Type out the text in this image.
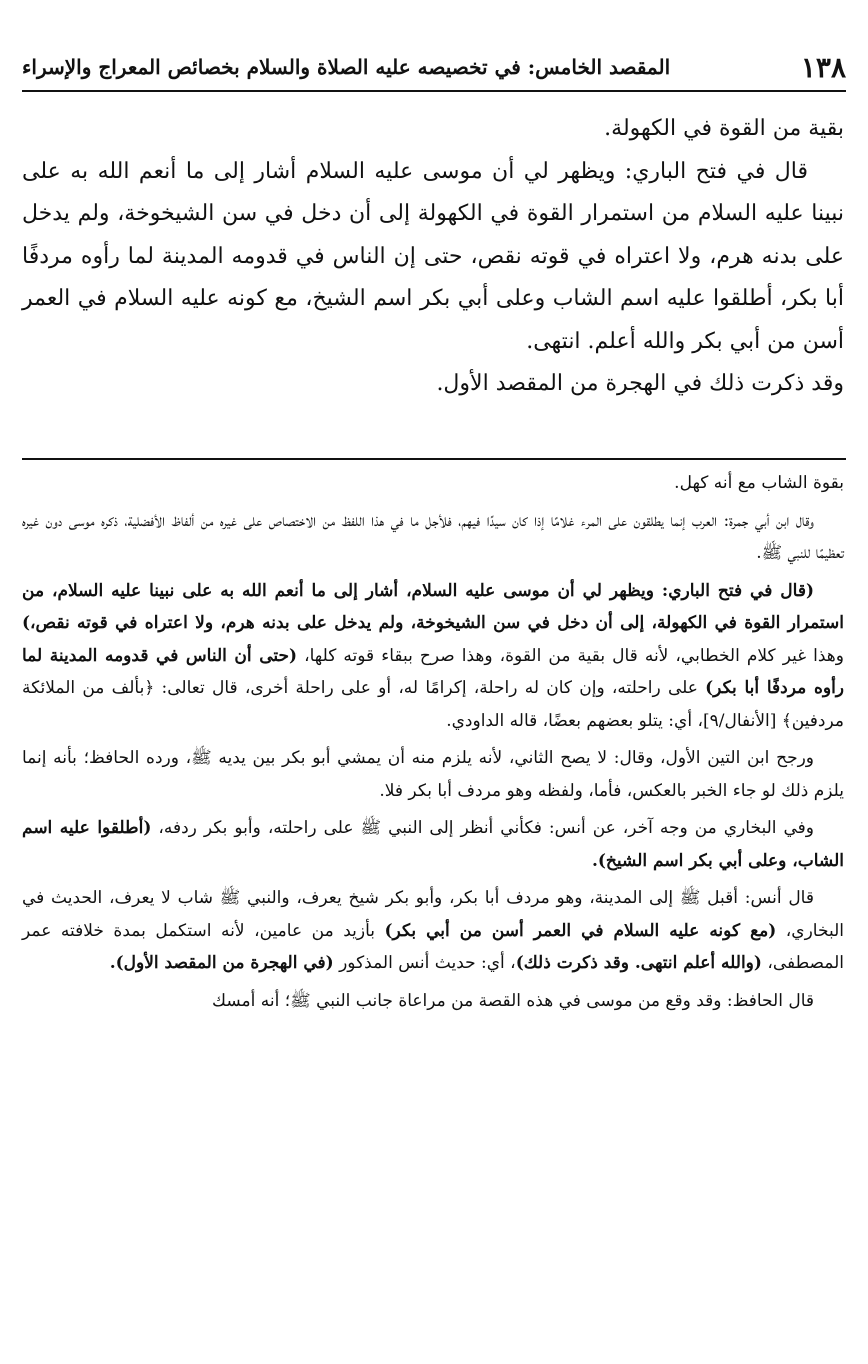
١٣٨
المقصد الخامس: في تخصيصه عليه الصلاة والسلام بخصائص المعراج والإسراء

بقية من القوة في الكهولة.

قال في فتح الباري: ويظهر لي أن موسى عليه السلام أشار إلى ما أنعم الله به على نبينا عليه السلام من استمرار القوة في الكهولة إلى أن دخل في سن الشيخوخة، ولم يدخل على بدنه هرم، ولا اعتراه في قوته نقص، حتى إن الناس في قدومه المدينة لما رأوه مردفًا أبا بكر، أطلقوا عليه اسم الشاب وعلى أبي بكر اسم الشيخ، مع كونه عليه السلام في العمر أسن من أبي بكر والله أعلم. انتهى.

وقد ذكرت ذلك في الهجرة من المقصد الأول.

بقوة الشاب مع أنه كهل.

وقال ابن أبي جمرة: العرب إنما يطلقون على المرء غلامًا إذا كان سيدًا فيهم، فلأجل ما في هذا اللفظ من الاختصاص على غيره من ألفاظ الأفضلية، ذكره موسى دون غيره تعظيمًا للنبي ﷺ.

(قال في فتح الباري: ويظهر لي أن موسى عليه السلام، أشار إلى ما أنعم الله به على نبينا عليه السلام، من استمرار القوة في الكهولة، إلى أن دخل في سن الشيخوخة، ولم يدخل على بدنه هرم، ولا اعتراه في قوته نقص،) وهذا غير كلام الخطابي، لأنه قال بقية من القوة، وهذا صرح ببقاء قوته كلها، (حتى أن الناس في قدومه المدينة لما رأوه مردفًا أبا بكر) على راحلته، وإن كان له راحلة، إكرامًا له، أو على راحلة أخرى، قال تعالى: ﴿بألف من الملائكة مردفين﴾ [الأنفال/٩]، أي: يتلو بعضهم بعضًا، قاله الداودي.

ورجح ابن التين الأول، وقال: لا يصح الثاني، لأنه يلزم منه أن يمشي أبو بكر بين يديه ﷺ، ورده الحافظ؛ بأنه إنما يلزم ذلك لو جاء الخبر بالعكس، فأما، ولفظه وهو مردف أبا بكر فلا.

وفي البخاري من وجه آخر، عن أنس: فكأني أنظر إلى النبي ﷺ على راحلته، وأبو بكر ردفه، (أطلقوا عليه اسم الشاب، وعلى أبي بكر اسم الشيخ).

قال أنس: أقبل ﷺ إلى المدينة، وهو مردف أبا بكر، وأبو بكر شيخ يعرف، والنبي ﷺ شاب لا يعرف، الحديث في البخاري، (مع كونه عليه السلام في العمر أسن من أبي بكر) بأزيد من عامين، لأنه استكمل بمدة خلافته عمر المصطفى، (والله أعلم انتهى. وقد ذكرت ذلك)، أي: حديث أنس المذكور (في الهجرة من المقصد الأول).

قال الحافظ: وقد وقع من موسى في هذه القصة من مراعاة جانب النبي ﷺ؛ أنه أمسك
